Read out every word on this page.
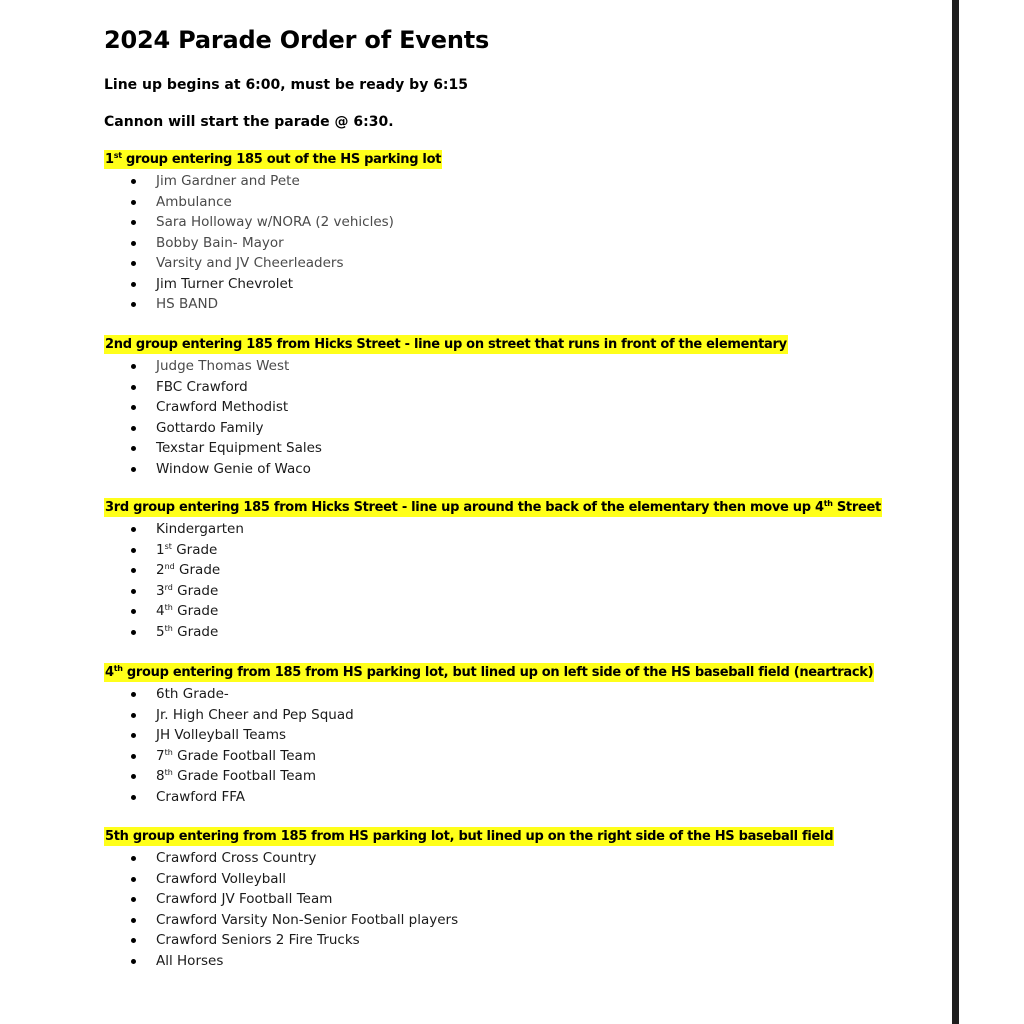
2024 Parade Order of Events

Line up begins at 6:00, must be ready by 6:15

Cannon will start the parade @ 6:30.

1st group entering 185 out of the HS parking lot
Jim Gardner and Pete
Ambulance
Sara Holloway w/NORA (2 vehicles)
Bobby Bain- Mayor
Varsity and JV Cheerleaders
Jim Turner Chevrolet
HS BAND
2nd group entering 185 from Hicks Street - line up on street that runs in front of the elementary
Judge Thomas West
FBC Crawford
Crawford Methodist
Gottardo Family
Texstar Equipment Sales
Window Genie of Waco
3rd group entering 185 from Hicks Street - line up around the back of the elementary then move up 4th Street
Kindergarten
1st Grade
2nd Grade
3rd Grade
4th Grade
5th Grade
4th group entering from 185 from HS parking lot, but lined up on left side of the HS baseball field (neartrack)
6th Grade-
Jr. High Cheer and Pep Squad
JH Volleyball Teams
7th Grade Football Team
8th Grade Football Team
Crawford FFA
5th group entering from 185 from HS parking lot, but lined up on the right side of the HS baseball field
Crawford Cross Country
Crawford Volleyball
Crawford JV Football Team
Crawford Varsity Non-Senior Football players
Crawford Seniors 2 Fire Trucks
All Horses
